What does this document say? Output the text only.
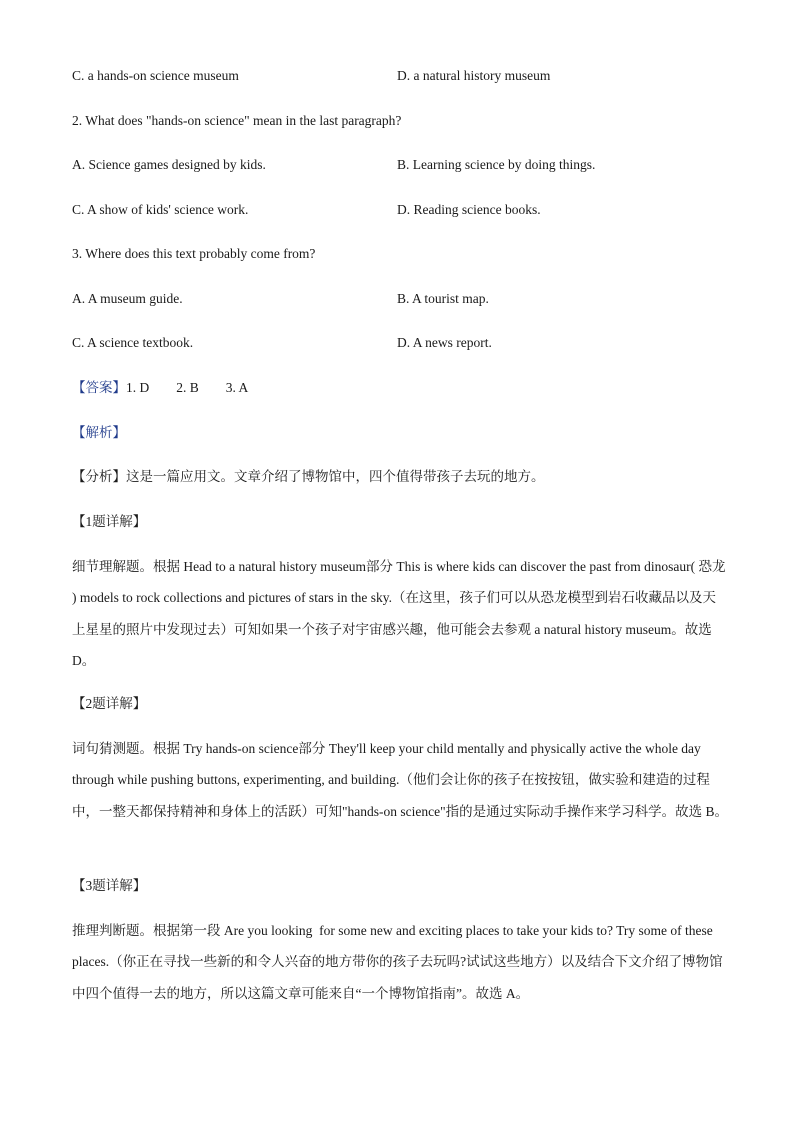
C. a hands-on science museum	D. a natural history museum
2. What does "hands-on science" mean in the last paragraph?
A. Science games designed by kids.	B. Learning science by doing things.
C. A show of kids' science work.	D. Reading science books.
3. Where does this text probably come from?
A. A museum guide.	B. A tourist map.
C. A science textbook.	D. A news report.
【答案】1. D        2. B        3. A
【解析】
【分析】这是一篇应用文。文章介绍了博物馆中，四个值得带孩子去玩的地方。
【1题详解】
细节理解题。根据 Head to a natural history museum部分 This is where kids can discover the past from dinosaur( 恐龙 ) models to rock collections and pictures of stars in the sky.（在这里，孩子们可以从恐龙模型到岩石收藏品以及天上星星的照片中发现过去）可知如果一个孩子对宇宙感兴趣，他可能会去参观 a natural history museum。故选 D。
【2题详解】
词句猜测题。根据 Try hands-on science部分 They'll keep your child mentally and physically active the whole day through while pushing buttons, experimenting, and building.（他们会让你的孩子在按按钮，做实验和建造的过程中，一整天都保持精神和身体上的活跃）可知"hands-on science"指的是通过实际动手操作来学习科学。故选 B。
【3题详解】
推理判断题。根据第一段 Are you looking  for some new and exciting places to take your kids to? Try some of these   places.（你正在寻找一些新的和令人兴奋的地方带你的孩子去玩吗?试试这些地方）以及结合下文介绍了博物馆中四个值得一去的地方，所以这篇文章可能来自“一个博物馆指南”。故选 A。
